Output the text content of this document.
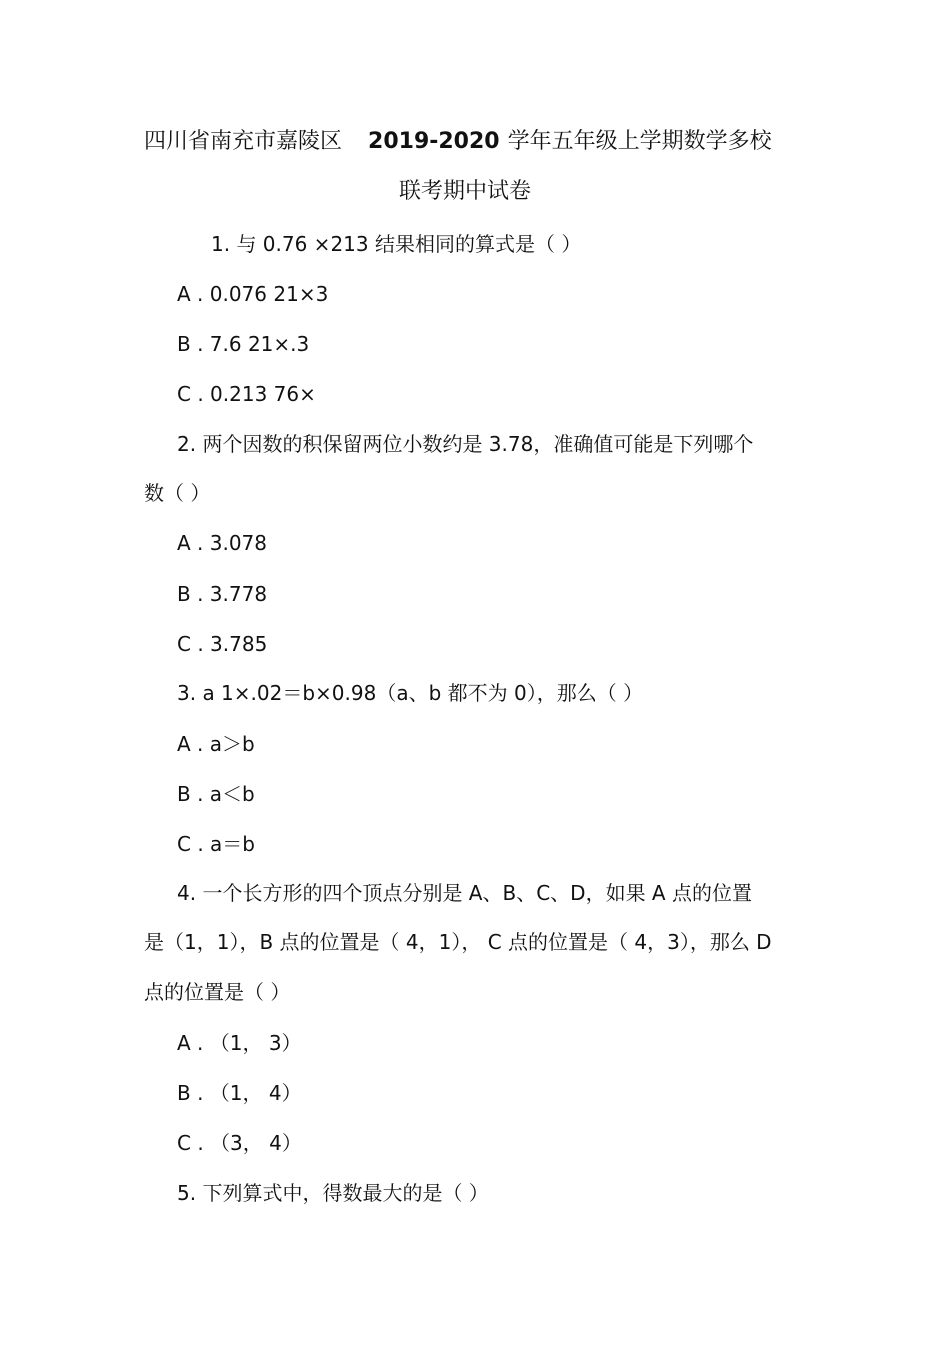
四川省南充市嘉陵区 2019-2020 学年五年级上学期数学多校
联考期中试卷
1. 与 0.76 ⨯213 结果相同的算式是（ ）
A . 0.076 21⨯3
B . 7.6 21⨯.3
C . 0.213 76⨯
2. 两个因数的积保留两位小数约是 3.78，准确值可能是下列哪个
数（ ）
A . 3.078
B . 3.778
C . 3.785
3. a 1⨯.02＝b⨯0.98（a、b 都不为 0），那么（ ）
A . a＞b
B . a＜b
C . a＝b
4. 一个长方形的四个顶点分别是 A、B、C、D，如果 A 点的位置
是（1，1），B 点的位置是（ 4，1）， C 点的位置是（ 4，3），那么 D
点的位置是（ ）
A . （1， 3）
B . （1， 4）
C . （3， 4）
5. 下列算式中，得数最大的是（ ）
